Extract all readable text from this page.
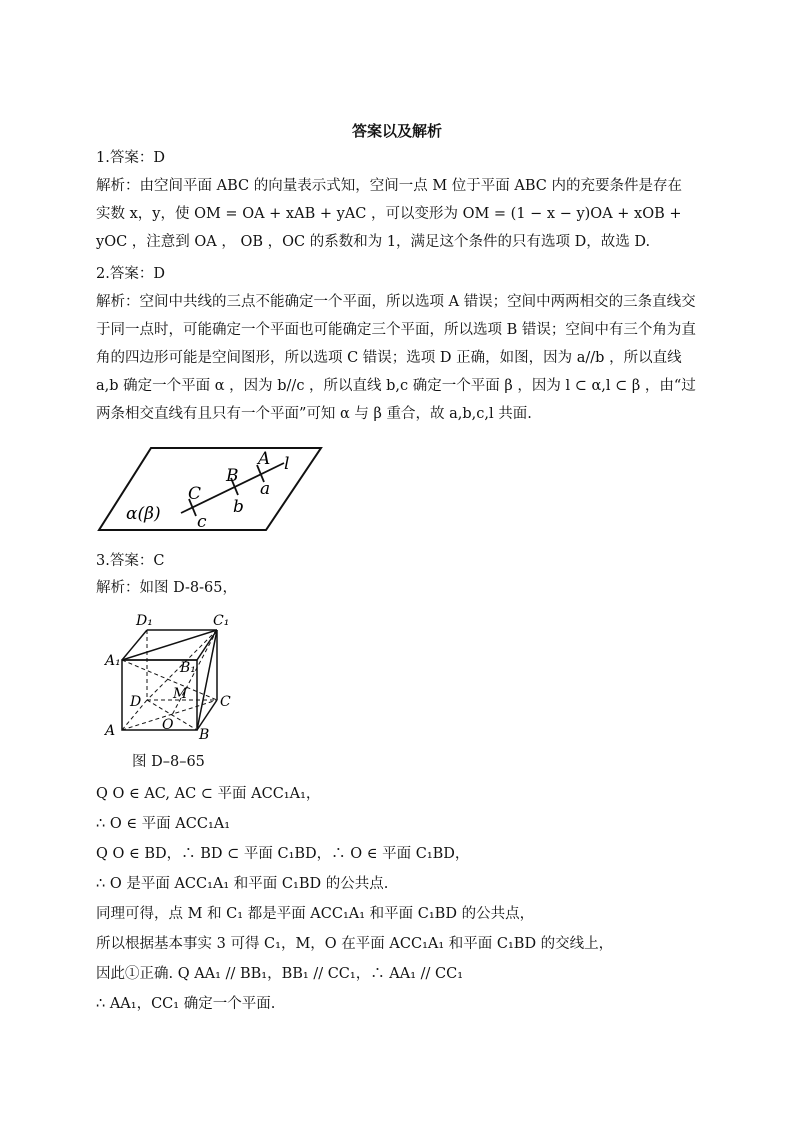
答案以及解析
1.答案：D
解析：由空间平面 ABC 的向量表示式知，空间一点 M 位于平面 ABC 内的充要条件是存在实数 x，y，使 OM = OA + xAB + yAC ，可以变形为 OM = (1 − x − y)OA + xOB + yOC ，注意到 OA ， OB ，OC 的系数和为 1，满足这个条件的只有选项 D，故选 D.
2.答案：D
解析：空间中共线的三点不能确定一个平面，所以选项 A 错误；空间中两两相交的三条直线交于同一点时，可能确定一个平面也可能确定三个平面，所以选项 B 错误；空间中有三个角为直角的四边形可能是空间图形，所以选项 C 错误；选项 D 正确，如图，因为 a//b ，所以直线 a,b 确定一个平面 α ，因为 b//c ，所以直线 b,c 确定一个平面 β ，因为 l ⊂ α,l ⊂ β ，由“过两条相交直线有且只有一个平面”可知 α 与 β 重合，故 a,b,c,l 共面.
C
B
A l
a
b
c
α(β)
3.答案：C
解析：如图 D-8-65，
D₁	C₁
A₁	B₁
M
D	C
A	O
B
图 D–8–65
Q O ∈ AC, AC ⊂ 平面 ACC₁A₁，
∴ O ∈ 平面 ACC₁A₁
Q O ∈ BD，∴ BD ⊂ 平面 C₁BD，∴ O ∈ 平面 C₁BD，
∴ O 是平面 ACC₁A₁ 和平面 C₁BD 的公共点.
同理可得，点 M 和 C₁ 都是平面 ACC₁A₁ 和平面 C₁BD 的公共点，
所以根据基本事实 3 可得 C₁，M，O 在平面 ACC₁A₁ 和平面 C₁BD 的交线上，
因此①正确. Q AA₁ // BB₁，BB₁ // CC₁，∴ AA₁ // CC₁
∴ AA₁，CC₁ 确定一个平面.
